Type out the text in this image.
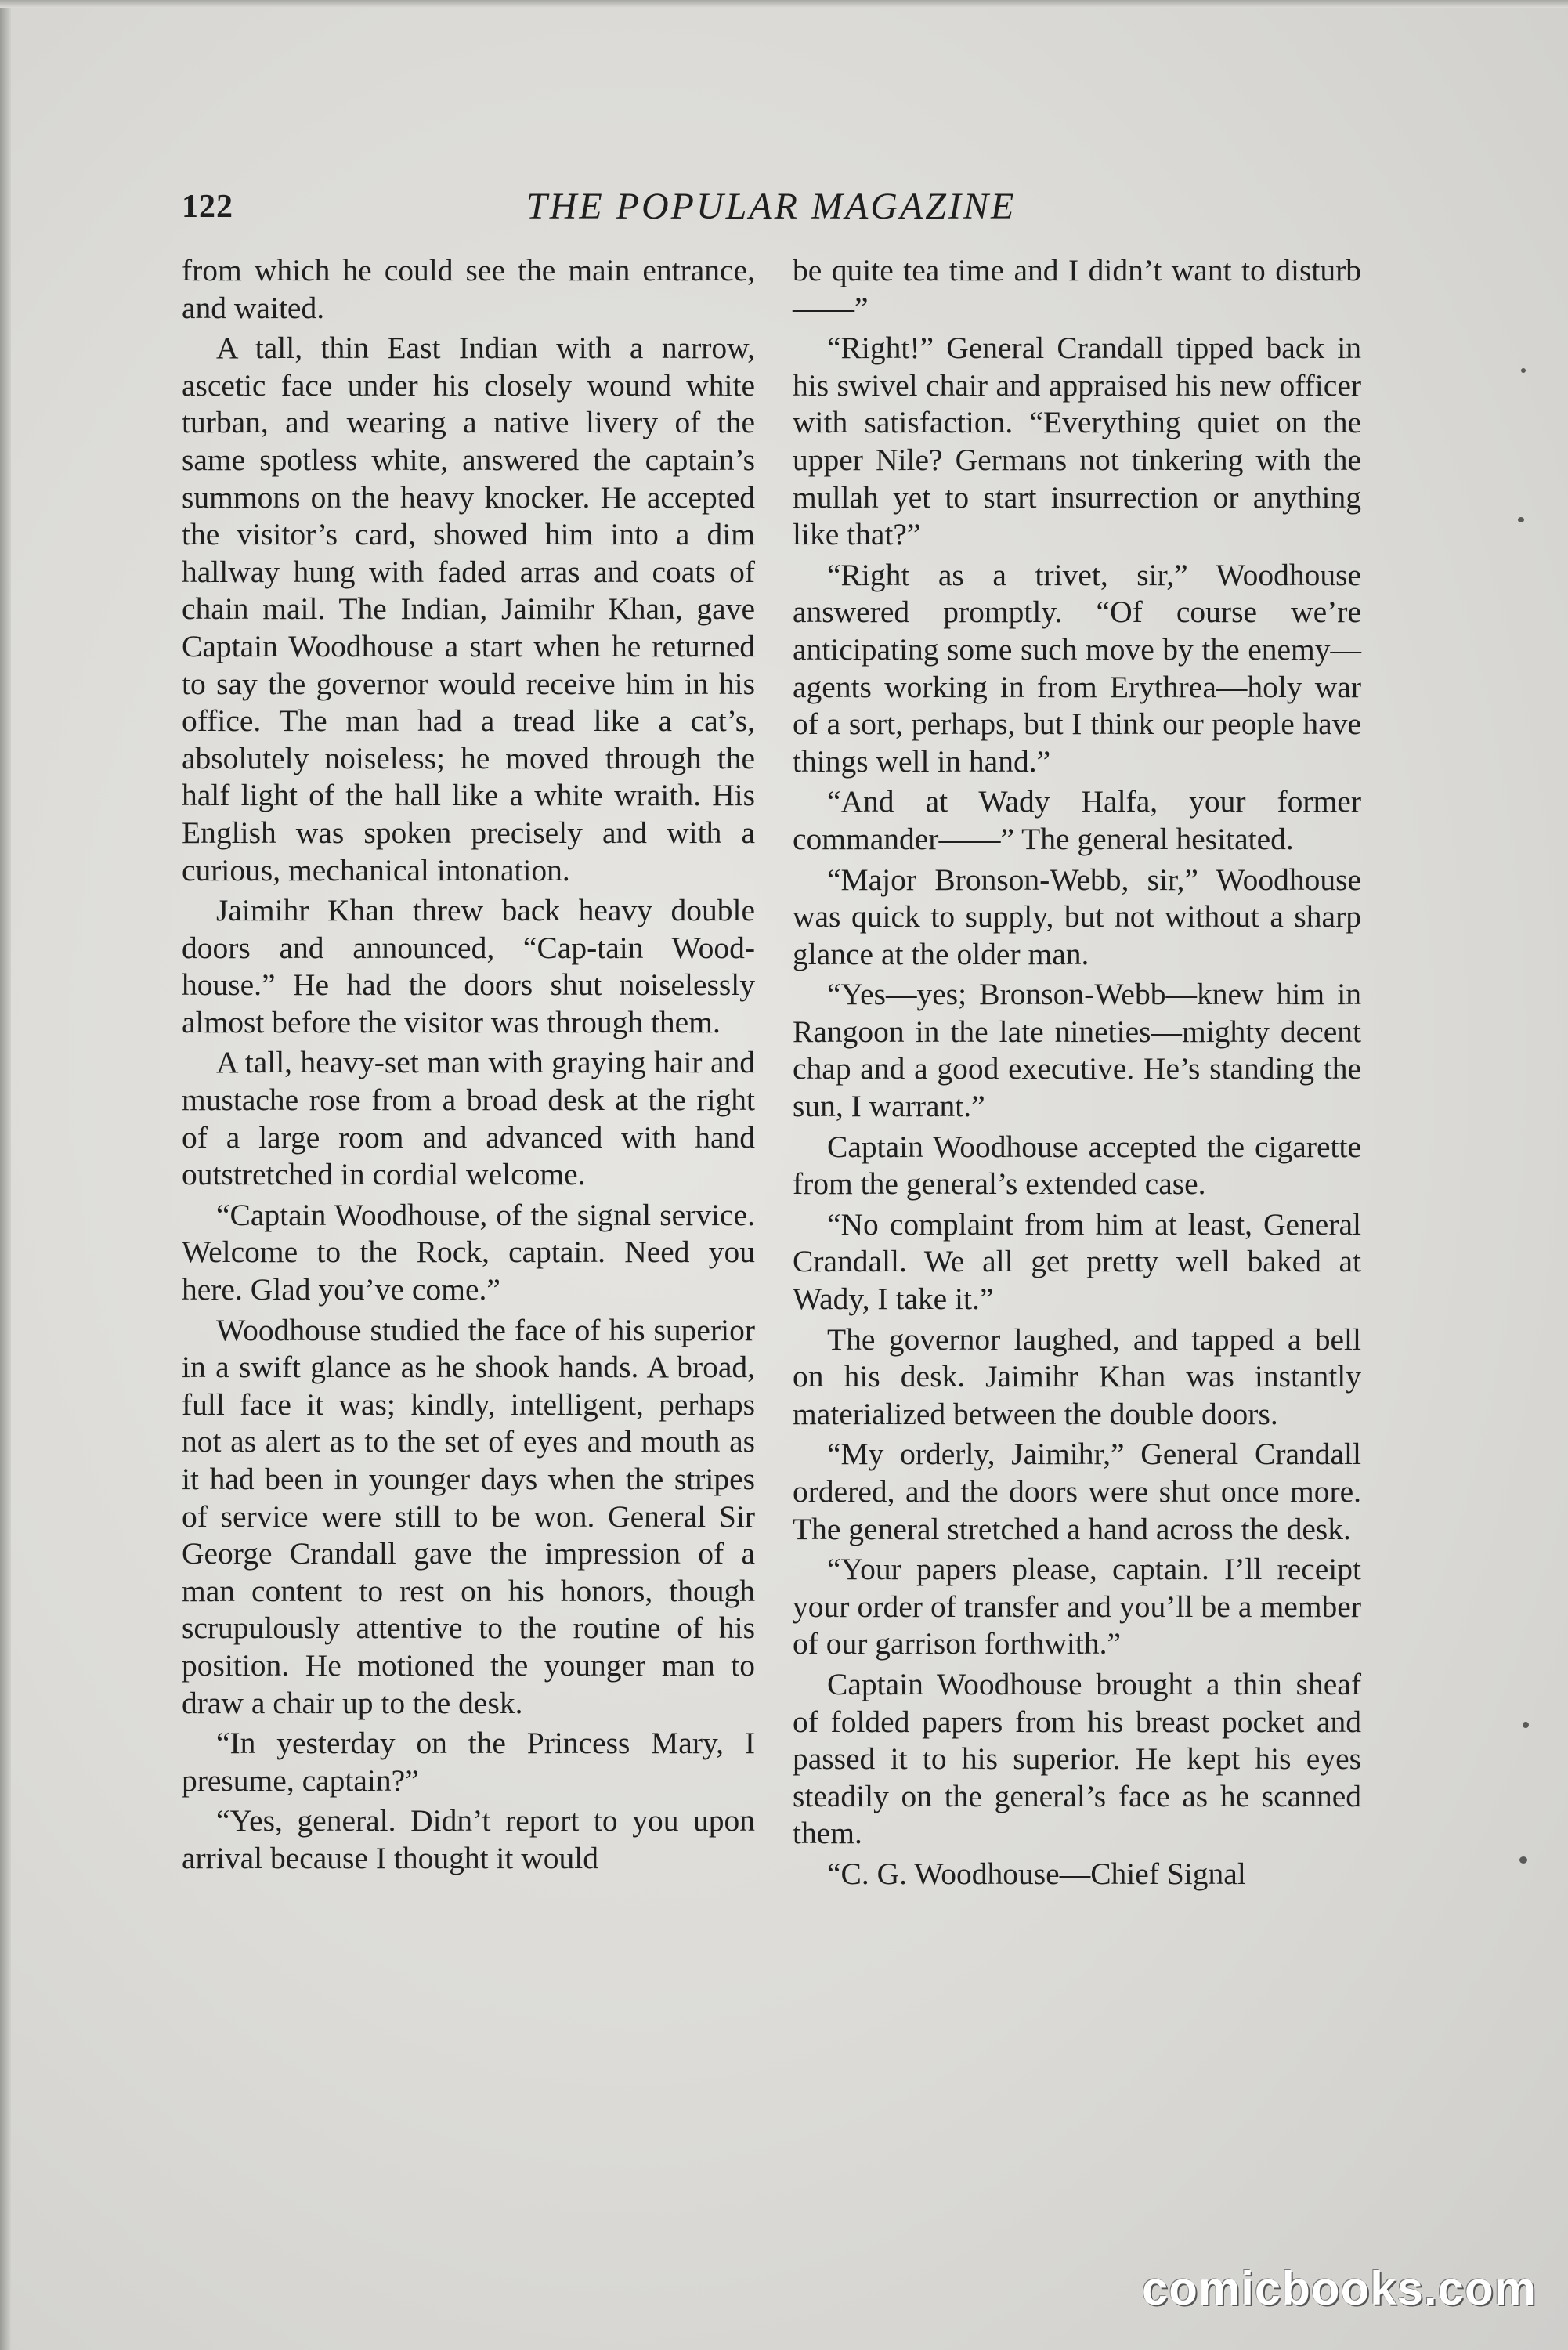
122	THE POPULAR MAGAZINE

from which he could see the main entrance, and waited.

A tall, thin East Indian with a narrow, ascetic face under his closely wound white turban, and wearing a native livery of the same spotless white, answered the captain’s summons on the heavy knocker. He accepted the visitor’s card, showed him into a dim hallway hung with faded arras and coats of chain mail. The Indian, Jaimihr Khan, gave Captain Woodhouse a start when he returned to say the governor would receive him in his office. The man had a tread like a cat’s, absolutely noiseless; he moved through the half light of the hall like a white wraith. His English was spoken precisely and with a curious, mechanical intonation.

Jaimihr Khan threw back heavy double doors and announced, “Cap-tain Wood-house.” He had the doors shut noiselessly almost before the visitor was through them.

A tall, heavy-set man with graying hair and mustache rose from a broad desk at the right of a large room and advanced with hand outstretched in cordial welcome.

“Captain Woodhouse, of the signal service. Welcome to the Rock, captain. Need you here. Glad you’ve come.”

Woodhouse studied the face of his superior in a swift glance as he shook hands. A broad, full face it was; kindly, intelligent, perhaps not as alert as to the set of eyes and mouth as it had been in younger days when the stripes of service were still to be won. General Sir George Crandall gave the impression of a man content to rest on his honors, though scrupulously attentive to the routine of his position. He motioned the younger man to draw a chair up to the desk.

“In yesterday on the Princess Mary, I presume, captain?”

“Yes, general. Didn’t report to you upon arrival because I thought it would

be quite tea time and I didn’t want to disturb——”

“Right!” General Crandall tipped back in his swivel chair and appraised his new officer with satisfaction. “Everything quiet on the upper Nile? Germans not tinkering with the mullah yet to start insurrection or anything like that?”

“Right as a trivet, sir,” Woodhouse answered promptly. “Of course we’re anticipating some such move by the enemy—agents working in from Erythrea—holy war of a sort, perhaps, but I think our people have things well in hand.”

“And at Wady Halfa, your former commander——” The general hesitated.

“Major Bronson-Webb, sir,” Woodhouse was quick to supply, but not without a sharp glance at the older man.

“Yes—yes; Bronson-Webb—knew him in Rangoon in the late nineties—mighty decent chap and a good executive. He’s standing the sun, I warrant.”

Captain Woodhouse accepted the cigarette from the general’s extended case.

“No complaint from him at least, General Crandall. We all get pretty well baked at Wady, I take it.”

The governor laughed, and tapped a bell on his desk. Jaimihr Khan was instantly materialized between the double doors.

“My orderly, Jaimihr,” General Crandall ordered, and the doors were shut once more. The general stretched a hand across the desk.

“Your papers please, captain. I’ll receipt your order of transfer and you’ll be a member of our garrison forthwith.”

Captain Woodhouse brought a thin sheaf of folded papers from his breast pocket and passed it to his superior. He kept his eyes steadily on the general’s face as he scanned them.

“C. G. Woodhouse—Chief Signal

comicbooks.com
